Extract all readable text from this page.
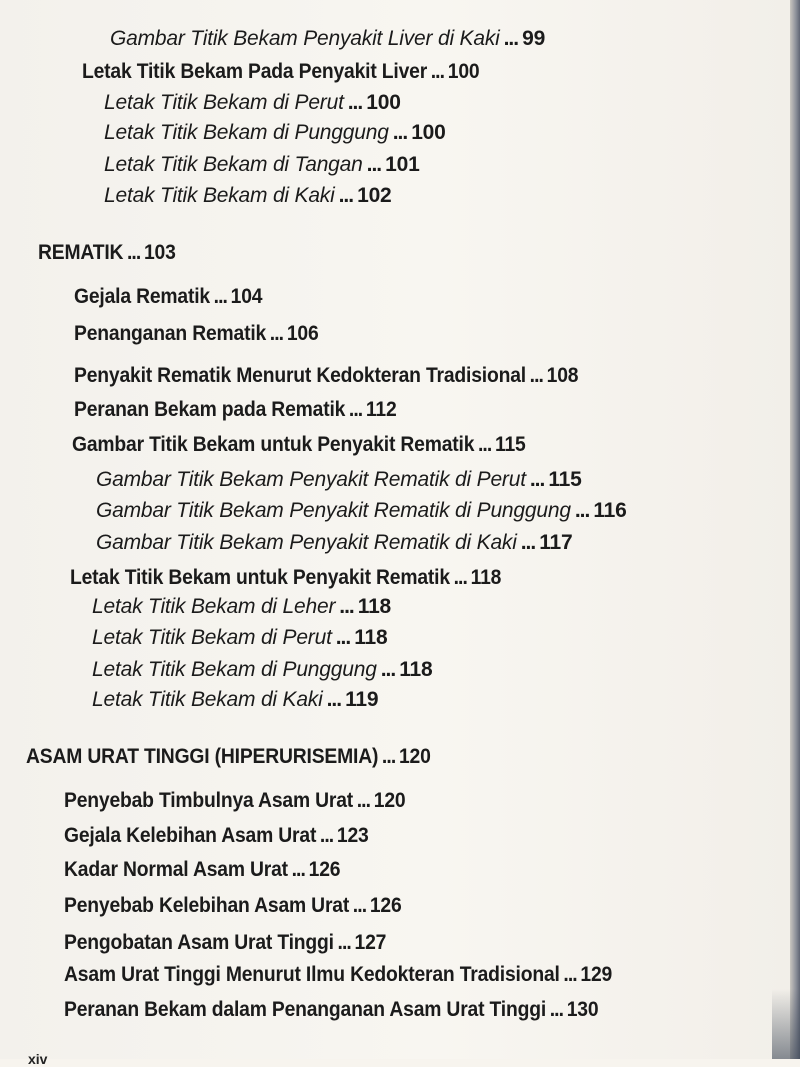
Gambar Titik Bekam Penyakit Liver di Kaki ... 99
Letak Titik Bekam Pada Penyakit Liver ... 100
Letak Titik Bekam di Perut ... 100
Letak Titik Bekam di Punggung ... 100
Letak Titik Bekam di Tangan ... 101
Letak Titik Bekam di Kaki ... 102
REMATIK ... 103
Gejala Rematik ... 104
Penanganan Rematik ... 106
Penyakit Rematik Menurut Kedokteran Tradisional ... 108
Peranan Bekam pada Rematik ... 112
Gambar Titik Bekam untuk Penyakit Rematik ... 115
Gambar Titik Bekam Penyakit Rematik di Perut ... 115
Gambar Titik Bekam Penyakit Rematik di Punggung ... 116
Gambar Titik Bekam Penyakit Rematik di Kaki ... 117
Letak Titik Bekam untuk Penyakit Rematik ... 118
Letak Titik Bekam di Leher ... 118
Letak Titik Bekam di Perut ... 118
Letak Titik Bekam di Punggung ... 118
Letak Titik Bekam di Kaki ... 119
ASAM URAT TINGGI (HIPERURISEMIA) ... 120
Penyebab Timbulnya Asam Urat ... 120
Gejala Kelebihan Asam Urat ... 123
Kadar Normal Asam Urat ... 126
Penyebab Kelebihan Asam Urat ... 126
Pengobatan Asam Urat Tinggi ... 127
Asam Urat Tinggi Menurut Ilmu Kedokteran Tradisional ... 129
Peranan Bekam dalam Penanganan Asam Urat Tinggi ... 130
xiv
